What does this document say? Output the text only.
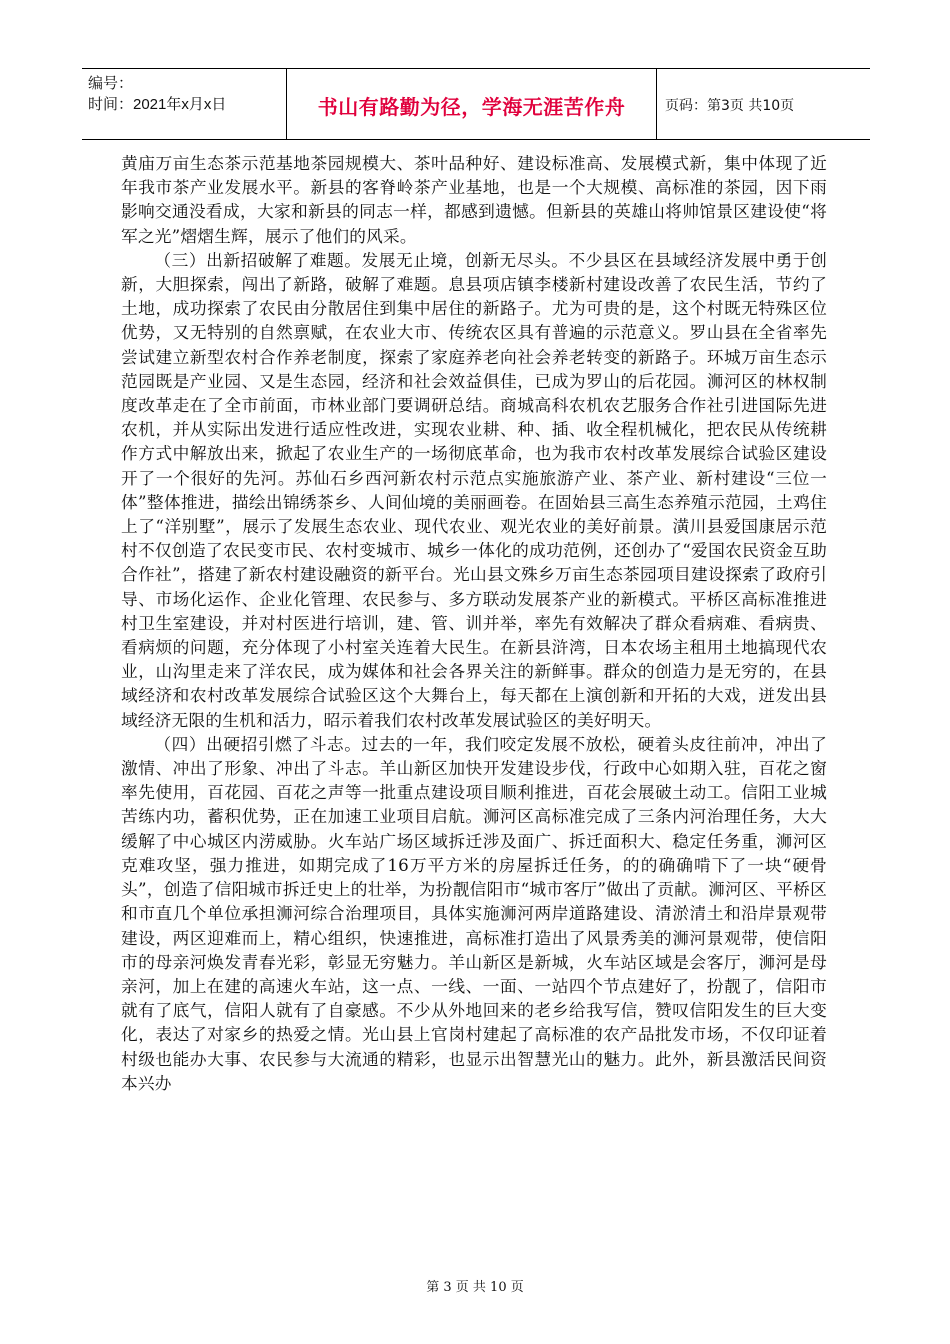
编号：
时间：2021年x月x日	书山有路勤为径，学海无涯苦作舟	页码：第3页 共10页

黄庙万亩生态茶示范基地茶园规模大、茶叶品种好、建设标准高、发展模式新，集中体现了近年我市茶产业发展水平。新县的客脊岭茶产业基地，也是一个大规模、高标准的茶园，因下雨影响交通没看成，大家和新县的同志一样，都感到遗憾。但新县的英雄山将帅馆景区建设使“将军之光”熠熠生辉，展示了他们的风采。

（三）出新招破解了难题。发展无止境，创新无尽头。不少县区在县域经济发展中勇于创新，大胆探索，闯出了新路，破解了难题。息县项店镇李楼新村建设改善了农民生活，节约了土地，成功探索了农民由分散居住到集中居住的新路子。尤为可贵的是，这个村既无特殊区位优势，又无特别的自然禀赋，在农业大市、传统农区具有普遍的示范意义。罗山县在全省率先尝试建立新型农村合作养老制度，探索了家庭养老向社会养老转变的新路子。环城万亩生态示范园既是产业园、又是生态园，经济和社会效益俱佳，已成为罗山的后花园。浉河区的林权制度改革走在了全市前面，市林业部门要调研总结。商城高科农机农艺服务合作社引进国际先进农机，并从实际出发进行适应性改进，实现农业耕、种、插、收全程机械化，把农民从传统耕作方式中解放出来，掀起了农业生产的一场彻底革命，也为我市农村改革发展综合试验区建设开了一个很好的先河。苏仙石乡西河新农村示范点实施旅游产业、茶产业、新村建设“三位一体”整体推进，描绘出锦绣茶乡、人间仙境的美丽画卷。在固始县三高生态养殖示范园，土鸡住上了“洋别墅”，展示了发展生态农业、现代农业、观光农业的美好前景。潢川县爱国康居示范村不仅创造了农民变市民、农村变城市、城乡一体化的成功范例，还创办了“爱国农民资金互助合作社”，搭建了新农村建设融资的新平台。光山县文殊乡万亩生态茶园项目建设探索了政府引导、市场化运作、企业化管理、农民参与、多方联动发展茶产业的新模式。平桥区高标准推进村卫生室建设，并对村医进行培训，建、管、训并举，率先有效解决了群众看病难、看病贵、看病烦的问题，充分体现了小村室关连着大民生。在新县浒湾，日本农场主租用土地搞现代农业，山沟里走来了洋农民，成为媒体和社会各界关注的新鲜事。群众的创造力是无穷的，在县域经济和农村改革发展综合试验区这个大舞台上，每天都在上演创新和开拓的大戏，迸发出县域经济无限的生机和活力，昭示着我们农村改革发展试验区的美好明天。

（四）出硬招引燃了斗志。过去的一年，我们咬定发展不放松，硬着头皮往前冲，冲出了激情、冲出了形象、冲出了斗志。羊山新区加快开发建设步伐，行政中心如期入驻，百花之窗率先使用，百花园、百花之声等一批重点建设项目顺利推进，百花会展破土动工。信阳工业城苦练内功，蓄积优势，正在加速工业项目启航。浉河区高标准完成了三条内河治理任务，大大缓解了中心城区内涝威胁。火车站广场区域拆迁涉及面广、拆迁面积大、稳定任务重，浉河区克难攻坚，强力推进，如期完成了16万平方米的房屋拆迁任务，的的确确啃下了一块“硬骨头”，创造了信阳城市拆迁史上的壮举，为扮靓信阳市“城市客厅”做出了贡献。浉河区、平桥区和市直几个单位承担浉河综合治理项目，具体实施浉河两岸道路建设、清淤清土和沿岸景观带建设，两区迎难而上，精心组织，快速推进，高标准打造出了风景秀美的浉河景观带，使信阳市的母亲河焕发青春光彩，彰显无穷魅力。羊山新区是新城，火车站区域是会客厅，浉河是母亲河，加上在建的高速火车站，这一点、一线、一面、一站四个节点建好了，扮靓了，信阳市就有了底气，信阳人就有了自豪感。不少从外地回来的老乡给我写信，赞叹信阳发生的巨大变化，表达了对家乡的热爱之情。光山县上官岗村建起了高标准的农产品批发市场，不仅印证着村级也能办大事、农民参与大流通的精彩，也显示出智慧光山的魅力。此外，新县激活民间资本兴办

第 3 页 共 10 页
